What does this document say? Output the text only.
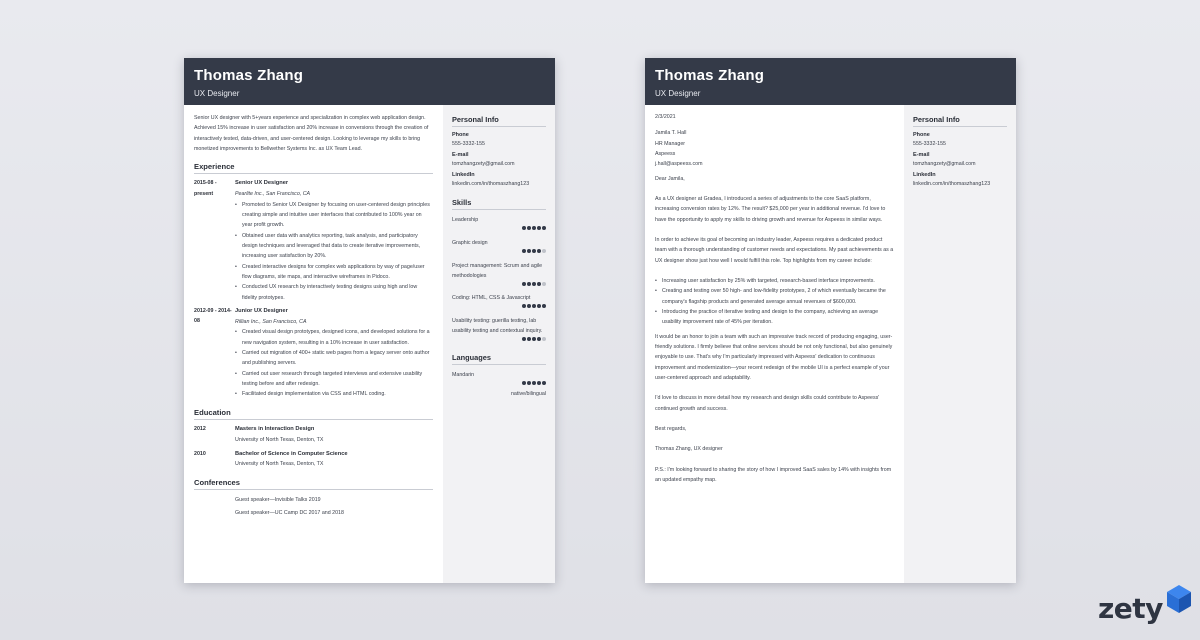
Thomas Zhang
UX Designer
Senior UX designer with 5+years experience and specialization in complex web application design. Achieved 15% increase in user satisfaction and 20% increase in conversions through the creation of interactively tested, data-driven, and user-centered design. Looking to leverage my skills to bring monetized improvements to Bellwether Systems Inc. as UX Team Lead.
Experience
2015-08 - present
Senior UX Designer
Pearlite Inc., San Francisco, CA
• Promoted to Senior UX Designer by focusing on user-centered design principles creating simple and intuitive user interfaces that contributed to 100% year on year profit growth.
• Obtained user data with analytics reporting, task analysis, and participatory design techniques and leveraged that data to create iterative improvements, increasing user satisfaction by 20%.
• Created interactive designs for complex web applications by way of page/user flow diagrams, site maps, and interactive wireframes in Pidoco.
• Conducted UX research by interactively testing designs using high and low fidelity prototypes.
2012-09 - 2014-08
Junior UX Designer
Rillian Inc., San Francisco, CA
• Created visual design prototypes, designed icons, and developed solutions for a new navigation system, resulting in a 10% increase in user satisfaction.
• Carried out migration of 400+ static web pages from a legacy server onto author and publishing servers.
• Carried out user research through targeted interviews and extensive usability testing before and after redesign.
• Facilitated design implementation via CSS and HTML coding.
Education
2012	Masters in Interaction Design
University of North Texas, Denton, TX
2010	Bachelor of Science in Computer Science
University of North Texas, Denton, TX
Conferences
Guest speaker—Invisible Talks 2019
Guest speaker—UC Camp DC 2017 and 2018
Personal Info
Phone
555-3332-155
E-mail
tomzhangzety@gmail.com
LinkedIn
linkedin.com/in/thomaszhang123
Skills
Leadership
Graphic design
Project management: Scrum and agile methodologies
Coding: HTML, CSS & Javascript
Usability testing: guerilla testing, lab usability testing and contextual inquiry.
Languages
Mandarin
native/bilingual
Thomas Zhang
UX Designer

2/3/2021

Jamila T. Hall
HR Manager
Aspeess
j.hall@aspeess.com

Dear Jamila,

As a UX designer at Gradea, I introduced a series of adjustments to the core SaaS platform, increasing conversion rates by 12%. The result? $25,000 per year in additional revenue. I'd love to have the opportunity to apply my skills to driving growth and revenue for Aspeess in similar ways.

In order to achieve its goal of becoming an industry leader, Aspeess requires a dedicated product team with a thorough understanding of customer needs and expectations. My past achievements as a UX designer show just how well I would fulfill this role. Top highlights from my career include:

• Increasing user satisfaction by 25% with targeted, research-based interface improvements.
• Creating and testing over 50 high- and low-fidelity prototypes, 2 of which eventually became the company's flagship products and generated average annual revenues of $600,000.
• Introducing the practice of iterative testing and design to the company, achieving an average usability improvement rate of 45% per iteration.

It would be an honor to join a team with such an impressive track record of producing engaging, user-friendly solutions. I firmly believe that online services should be not only functional, but also genuinely enjoyable to use. That's why I'm particularly impressed with Aspeess' dedication to continuous improvement and modernization—your recent redesign of the mobile UI is a perfect example of your user-centered approach and adaptability.

I'd love to discuss in more detail how my research and design skills could contribute to Aspeess' continued growth and success.

Best regards,

Thomas Zhang, UX designer

P.S.: I'm looking forward to sharing the story of how I improved SaaS sales by 14% with insights from an updated empathy map.

Personal Info
Phone
555-3332-155
E-mail
tomzhangzety@gmail.com
LinkedIn
linkedin.com/in/thomaszhang123
zety
